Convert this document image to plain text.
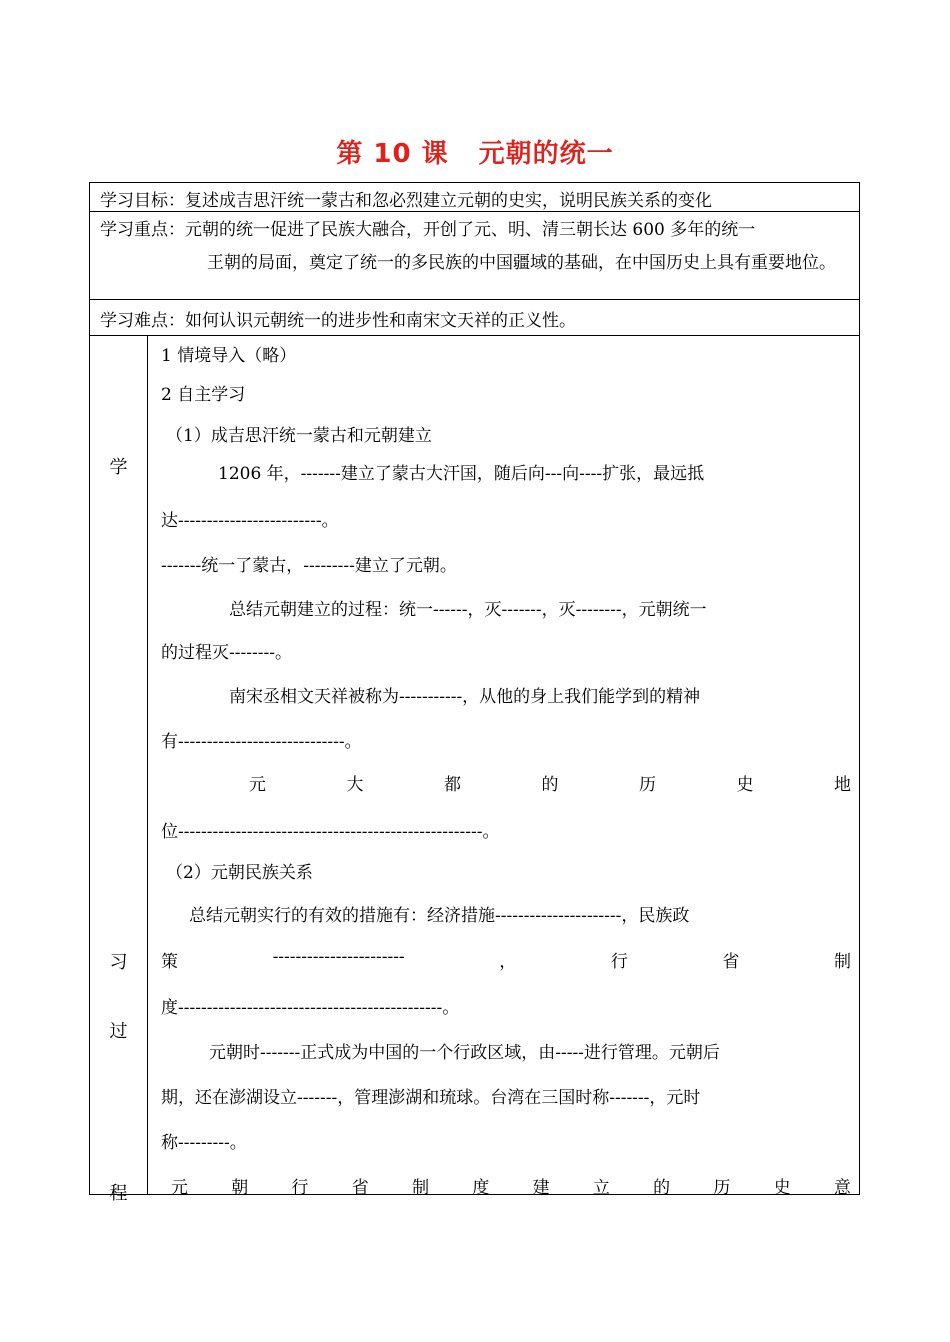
第 10 课 元朝的统一
学习目标：复述成吉思汗统一蒙古和忽必烈建立元朝的史实，说明民族关系的变化
学习重点：元朝的统一促进了民族大融合，开创了元、明、清三朝长达 600 多年的统一
王朝的局面，奠定了统一的多民族的中国疆域的基础，在中国历史上具有重要地位。
学习难点：如何认识元朝统一的进步性和南宋文天祥的正义性。
学
习
过
程
1 情境导入（略）
2 自主学习
（1）成吉思汗统一蒙古和元朝建立
1206 年，-------建立了蒙古大汗国，随后向---向----扩张，最远抵
达-------------------------。
-------统一了蒙古，---------建立了元朝。
总结元朝建立的过程：统一------，灭-------，灭--------，元朝统一
的过程灭--------。
南宋丞相文天祥被称为-----------，从他的身上我们能学到的精神
有-----------------------------。
元	大	都	的	历	史	地
位-----------------------------------------------------。
（2）元朝民族关系
总结元朝实行的有效的措施有：经济措施----------------------，民族政
策	-----------------------	，	行	省	制
度----------------------------------------------。
元朝时-------正式成为中国的一个行政区域，由-----进行管理。元朝后
期，还在澎湖设立-------，管理澎湖和琉球。台湾在三国时称-------，元时
称---------。
元	朝	行	省	制	度	建	立	的	历	史	意
